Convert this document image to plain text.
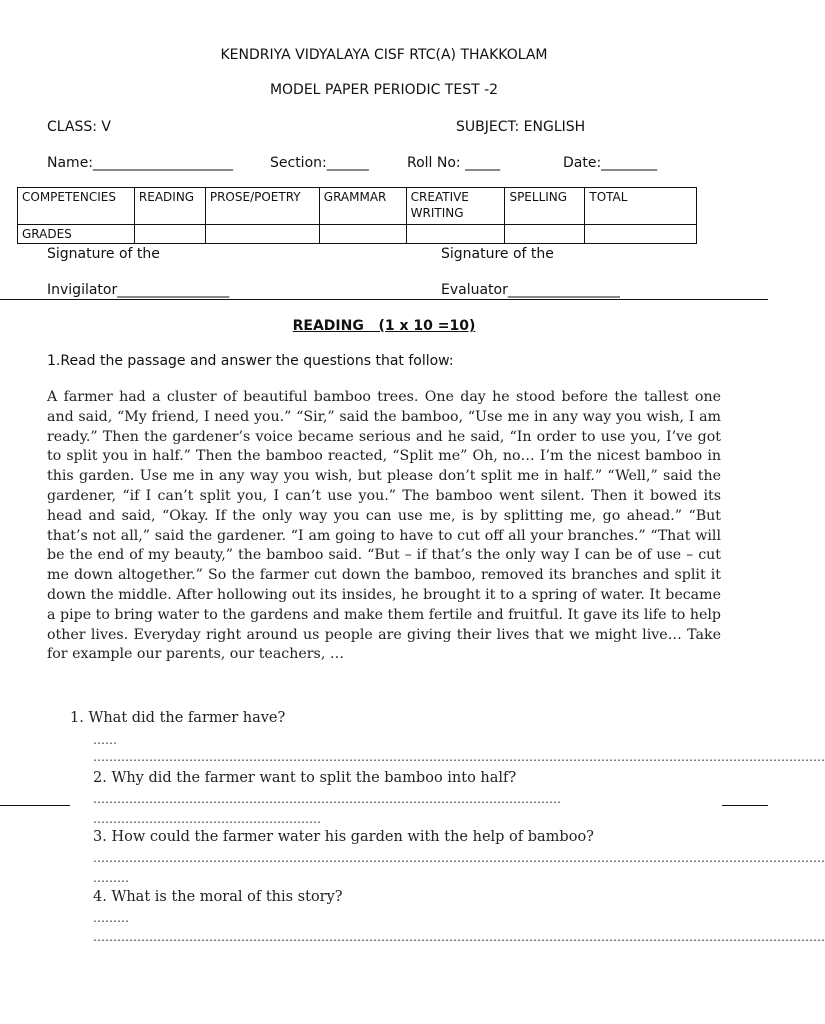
KENDRIYA VIDYALAYA CISF RTC(A) THAKKOLAM
MODEL PAPER PERIODIC TEST -2
CLASS: V	SUBJECT: ENGLISH
Name:____________________	Section:______	Roll No: _____	Date:________
COMPETENCIES	READING	PROSE/POETRY	GRAMMAR	CREATIVE WRITING	SPELLING	TOTAL
GRADES						
Signature of the
Invigilator________________
Signature of the
Evaluator________________
READING   (1 x 10 =10)
1.Read the passage and answer the questions that follow:
A farmer had a cluster of beautiful bamboo trees. One day he stood before the tallest one and said, “My friend, I need you.” “Sir,” said the bamboo, “Use me in any way you wish, I am ready.” Then the gardener’s voice became serious and he said, “In order to use you, I’ve got to split you in half.” Then the bamboo reacted, “Split me” Oh, no… I’m the nicest bamboo in this garden. Use me in any way you wish, but please don’t split me in half.” “Well,” said the gardener, “if I can’t split you, I can’t use you.” The bamboo went silent. Then it bowed its head and said, “Okay. If the only way you can use me, is by splitting me, go ahead.” “But that’s not all,” said the gardener. “I am going to have to cut off all your branches.” “That will be the end of my beauty,” the bamboo said. “But – if that’s the only way I can be of use – cut me down altogether.” So the farmer cut down the bamboo, removed its branches and split it down the middle. After hollowing out its insides, he brought it to a spring of water. It became a pipe to bring water to the gardens and make them fertile and fruitful. It gave its life to help other lives. Everyday right around us people are giving their lives that we might live… Take for example our parents, our teachers, …
1. What did the farmer have?
……
…………………………………………………………………………………………………………………………………………………………………
2. Why did the farmer want to split the bamboo into half?
………………………………………………………………………………………………………
…………………………………………………
3. How could the farmer water his garden with the help of bamboo?
…………………………………………………………………………………………………………………………………………………………………
………
4. What is the moral of this story?
………
…………………………………………………………………………………………………………………………………………………………………
